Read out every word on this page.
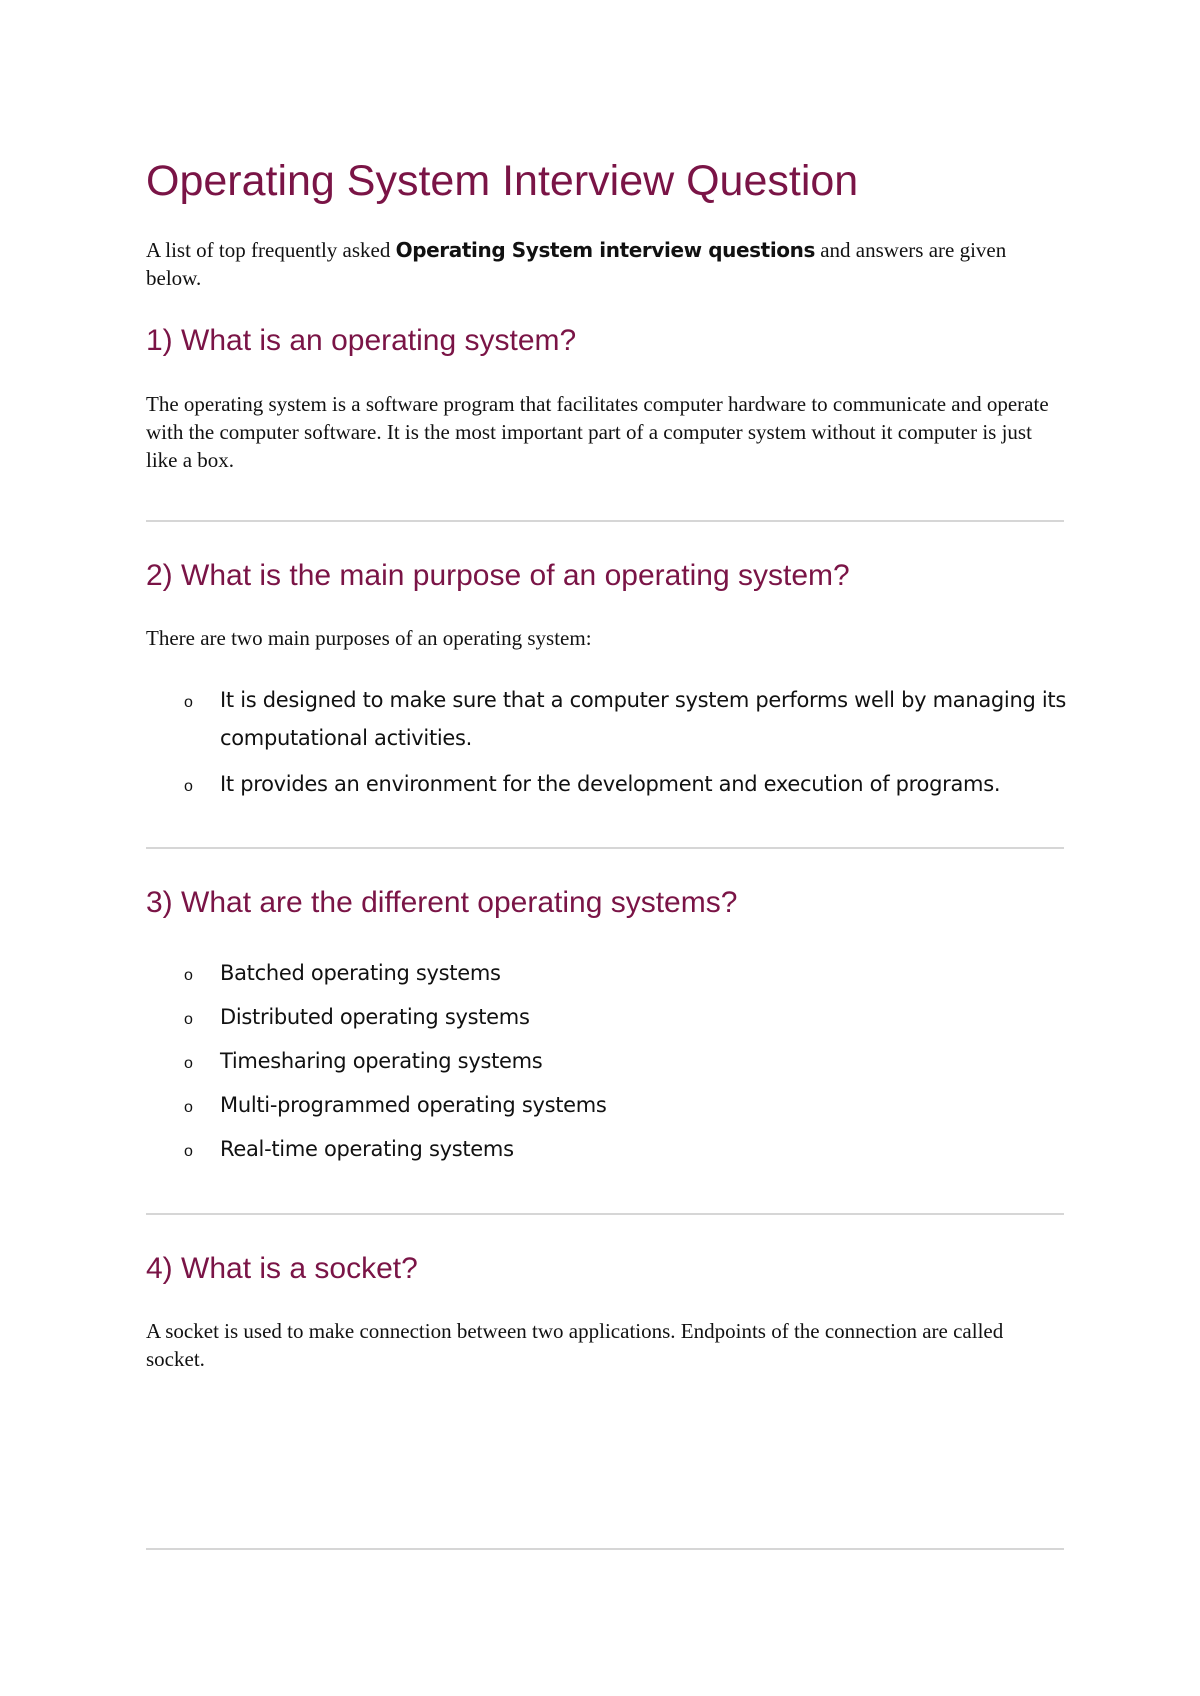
Operating System Interview Question

A list of top frequently asked Operating System interview questions and answers are given below.

1) What is an operating system?

The operating system is a software program that facilitates computer hardware to communicate and operate with the computer software. It is the most important part of a computer system without it computer is just like a box.

2) What is the main purpose of an operating system?

There are two main purposes of an operating system:

o It is designed to make sure that a computer system performs well by managing its computational activities.
o It provides an environment for the development and execution of programs.
3) What are the different operating systems?
o Batched operating systems
o Distributed operating systems
o Timesharing operating systems
o Multi-programmed operating systems
o Real-time operating systems
4) What is a socket?

A socket is used to make connection between two applications. Endpoints of the connection are called socket.
